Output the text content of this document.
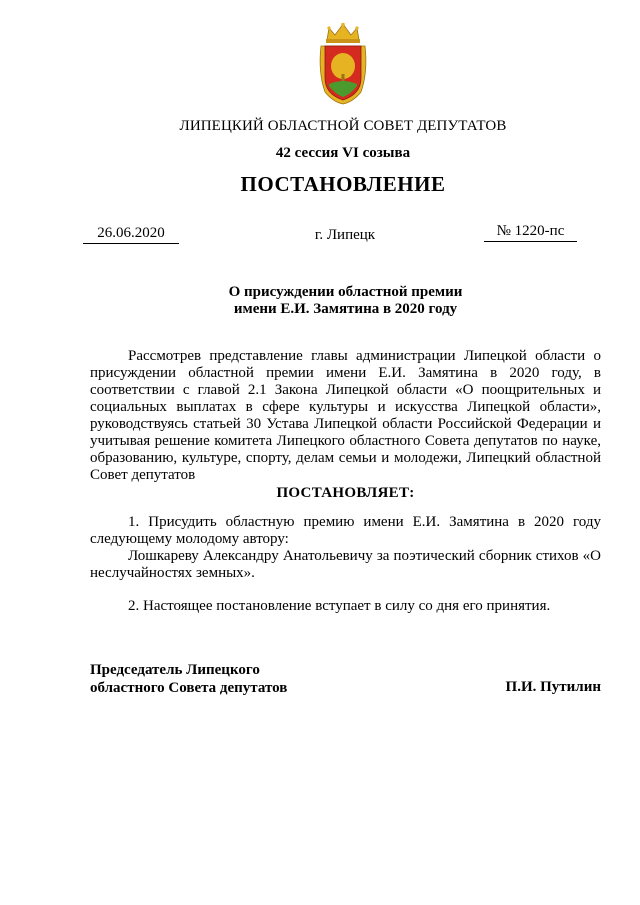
ЛИПЕЦКИЙ ОБЛАСТНОЙ СОВЕТ ДЕПУТАТОВ
42 сессия VI созыва
ПОСТАНОВЛЕНИЕ
26.06.2020	г. Липецк	№ 1220-пс
О присуждении областной премии
имени Е.И. Замятина в 2020 году
Рассмотрев представление главы администрации Липецкой области о присуждении областной премии имени Е.И. Замятина в 2020 году, в соответствии с главой 2.1 Закона Липецкой области «О поощрительных и социальных выплатах в сфере культуры и искусства Липецкой области», руководствуясь статьей 30 Устава Липецкой области Российской Федерации и учитывая решение комитета Липецкого областного Совета депутатов по науке, образованию, культуре, спорту, делам семьи и молодежи, Липецкий областной Совет депутатов
ПОСТАНОВЛЯЕТ:
1. Присудить областную премию имени Е.И. Замятина в 2020 году следующему молодому автору:
Лошкареву Александру Анатольевичу за поэтический сборник стихов «О неслучайностях земных».
2. Настоящее постановление вступает в силу со дня его принятия.
Председатель Липецкого
областного Совета депутатов	П.И. Путилин
